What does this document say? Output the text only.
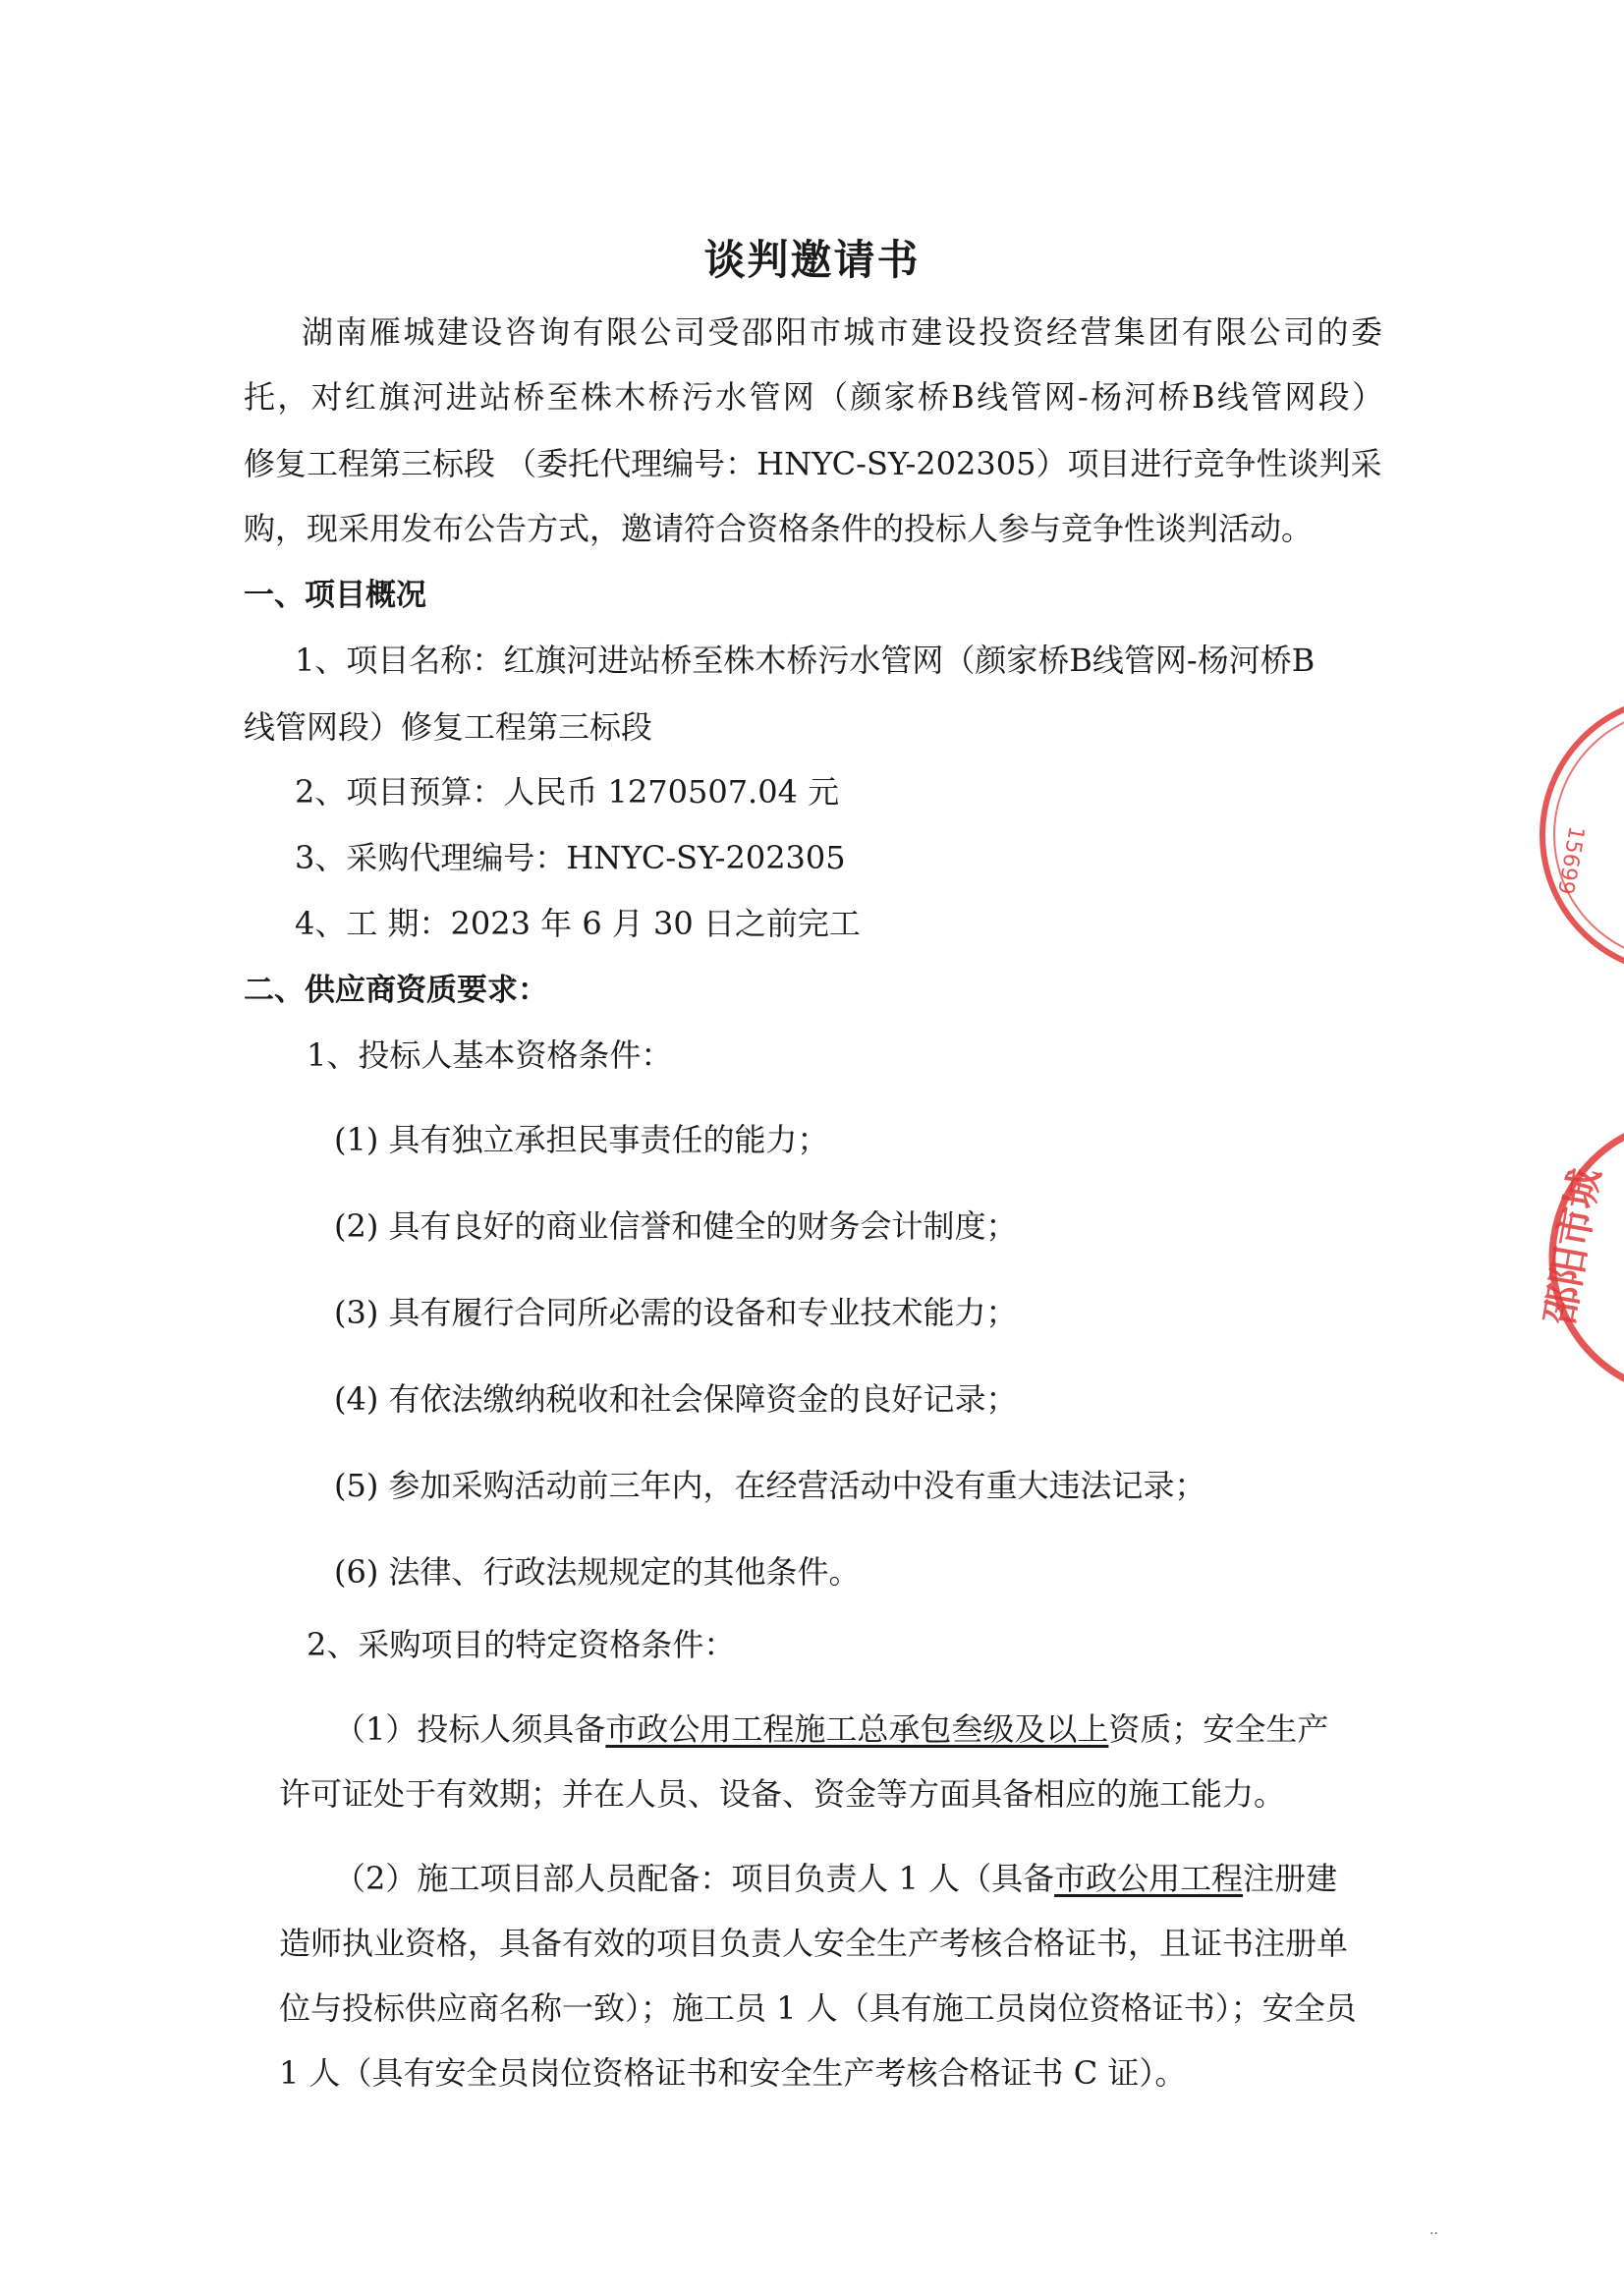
谈判邀请书
湖南雁城建设咨询有限公司受邵阳市城市建设投资经营集团有限公司的委
托，对红旗河进站桥至株木桥污水管网（颜家桥B线管网-杨河桥B线管网段）
修复工程第三标段 （委托代理编号：HNYC-SY-202305）项目进行竞争性谈判采
购，现采用发布公告方式，邀请符合资格条件的投标人参与竞争性谈判活动。
一、项目概况
1、项目名称：红旗河进站桥至株木桥污水管网（颜家桥B线管网-杨河桥B
线管网段）修复工程第三标段
2、项目预算：人民币 1270507.04 元
3、采购代理编号：HNYC-SY-202305
4、工 期：2023 年 6 月 30 日之前完工
二、供应商资质要求：
1、投标人基本资格条件：
(1) 具有独立承担民事责任的能力；
(2) 具有良好的商业信誉和健全的财务会计制度；
(3) 具有履行合同所必需的设备和专业技术能力；
(4) 有依法缴纳税收和社会保障资金的良好记录；
(5) 参加采购活动前三年内，在经营活动中没有重大违法记录；
(6) 法律、行政法规规定的其他条件。
2、采购项目的特定资格条件：
（1）投标人须具备市政公用工程施工总承包叁级及以上资质；安全生产
许可证处于有效期；并在人员、设备、资金等方面具备相应的施工能力。
（2）施工项目部人员配备：项目负责人 1 人（具备市政公用工程注册建
造师执业资格，具备有效的项目负责人安全生产考核合格证书，且证书注册单
位与投标供应商名称一致）；施工员 1 人（具有施工员岗位资格证书）；安全员
1 人（具有安全员岗位资格证书和安全生产考核合格证书 C 证）。
..
15699
邵阳市城
